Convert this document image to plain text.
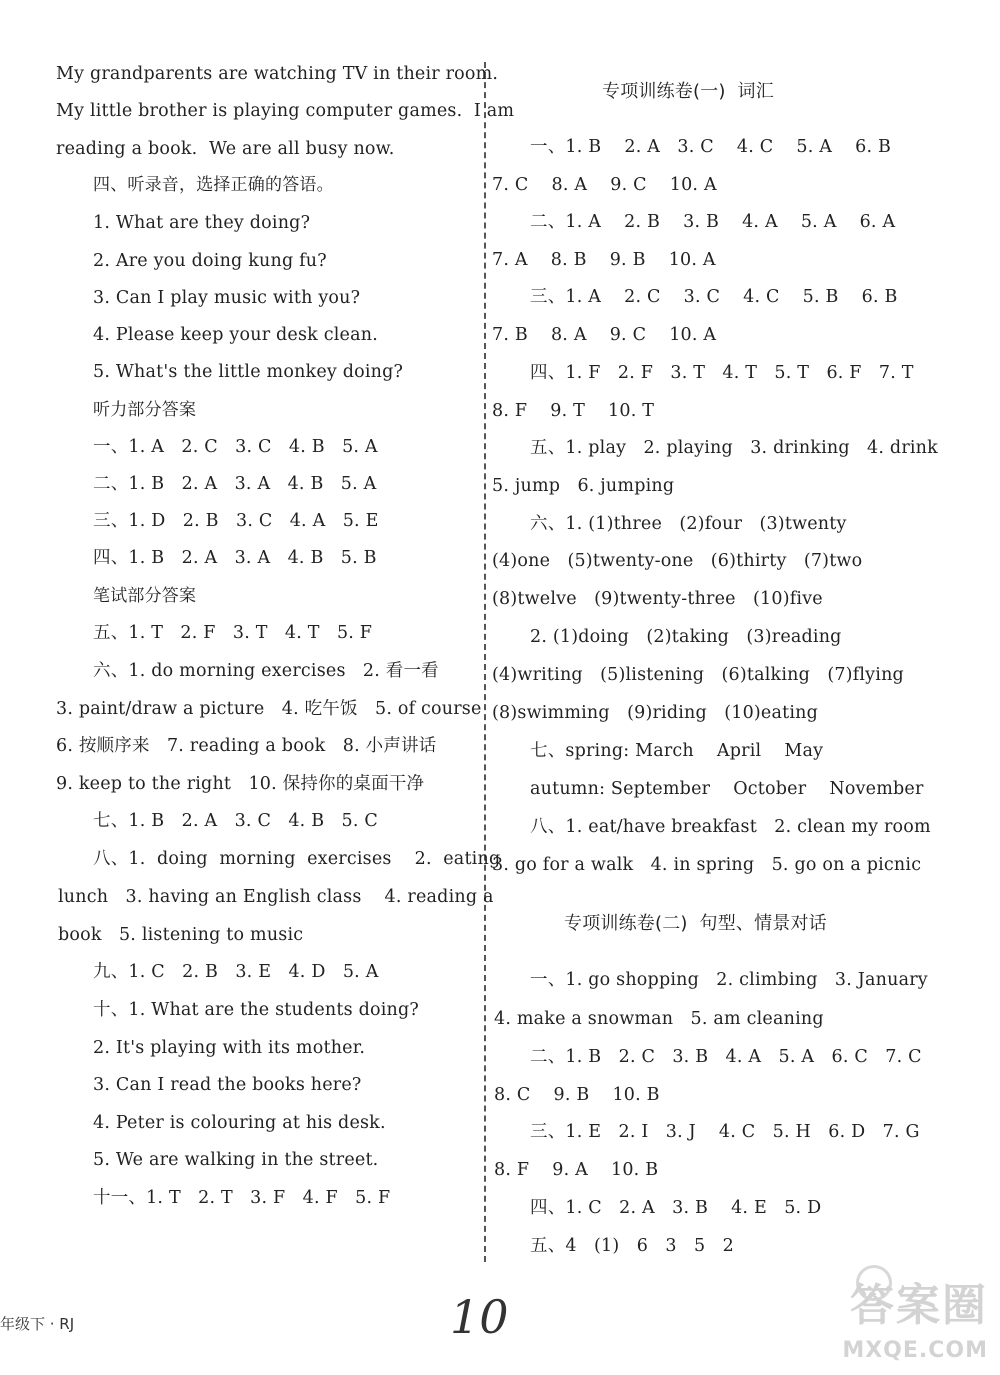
My grandparents are watching TV in their room.
My little brother is playing computer games.  I am
reading a book.  We are all busy now.
四、听录音，选择正确的答语。
1. What are they doing?
2. Are you doing kung fu?
3. Can I play music with you?
4. Please keep your desk clean.
5. What's the little monkey doing?
听力部分答案
一、1. A   2. C   3. C   4. B   5. A
二、1. B   2. A   3. A   4. B   5. A
三、1. D   2. B   3. C   4. A   5. E
四、1. B   2. A   3. A   4. B   5. B
笔试部分答案
五、1. T   2. F   3. T   4. T   5. F
六、1. do morning exercises   2. 看一看
3. paint/draw a picture   4. 吃午饭   5. of course
6. 按顺序来   7. reading a book   8. 小声讲话
9. keep to the right   10. 保持你的桌面干净
七、1. B   2. A   3. C   4. B   5. C
八、1.  doing  morning  exercises    2.  eating
lunch   3. having an English class    4. reading a
book   5. listening to music
九、1. C   2. B   3. E   4. D   5. A
十、1. What are the students doing?
2. It's playing with its mother.
3. Can I read the books here?
4. Peter is colouring at his desk.
5. We are walking in the street.
十一、1. T   2. T   3. F   4. F   5. F
专项训练卷(一)  词汇
一、1. B    2. A   3. C    4. C    5. A    6. B
7. C    8. A    9. C    10. A
二、1. A    2. B    3. B    4. A    5. A    6. A
7. A    8. B    9. B    10. A
三、1. A    2. C    3. C    4. C    5. B    6. B
7. B    8. A    9. C    10. A
四、1. F   2. F   3. T   4. T   5. T   6. F   7. T
8. F    9. T    10. T
五、1. play   2. playing   3. drinking   4. drink
5. jump   6. jumping
六、1. (1)three   (2)four   (3)twenty
(4)one   (5)twenty-one   (6)thirty   (7)two
(8)twelve   (9)twenty-three   (10)five
2. (1)doing   (2)taking   (3)reading
(4)writing   (5)listening   (6)talking   (7)flying
(8)swimming   (9)riding   (10)eating
七、spring: March    April    May
autumn: September    October    November
八、1. eat/have breakfast   2. clean my room
3. go for a walk   4. in spring   5. go on a picnic
专项训练卷(二)  句型、情景对话
一、1. go shopping   2. climbing   3. January
4. make a snowman   5. am cleaning
二、1. B   2. C   3. B   4. A   5. A   6. C   7. C
8. C    9. B    10. B
三、1. E   2. I   3. J    4. C   5. H   6. D   7. G
8. F    9. A    10. B
四、1. C   2. A   3. B    4. E   5. D
五、4   (1)   6   3   5   2
年级下 · RJ	10	答案圈
MXQE.COM
